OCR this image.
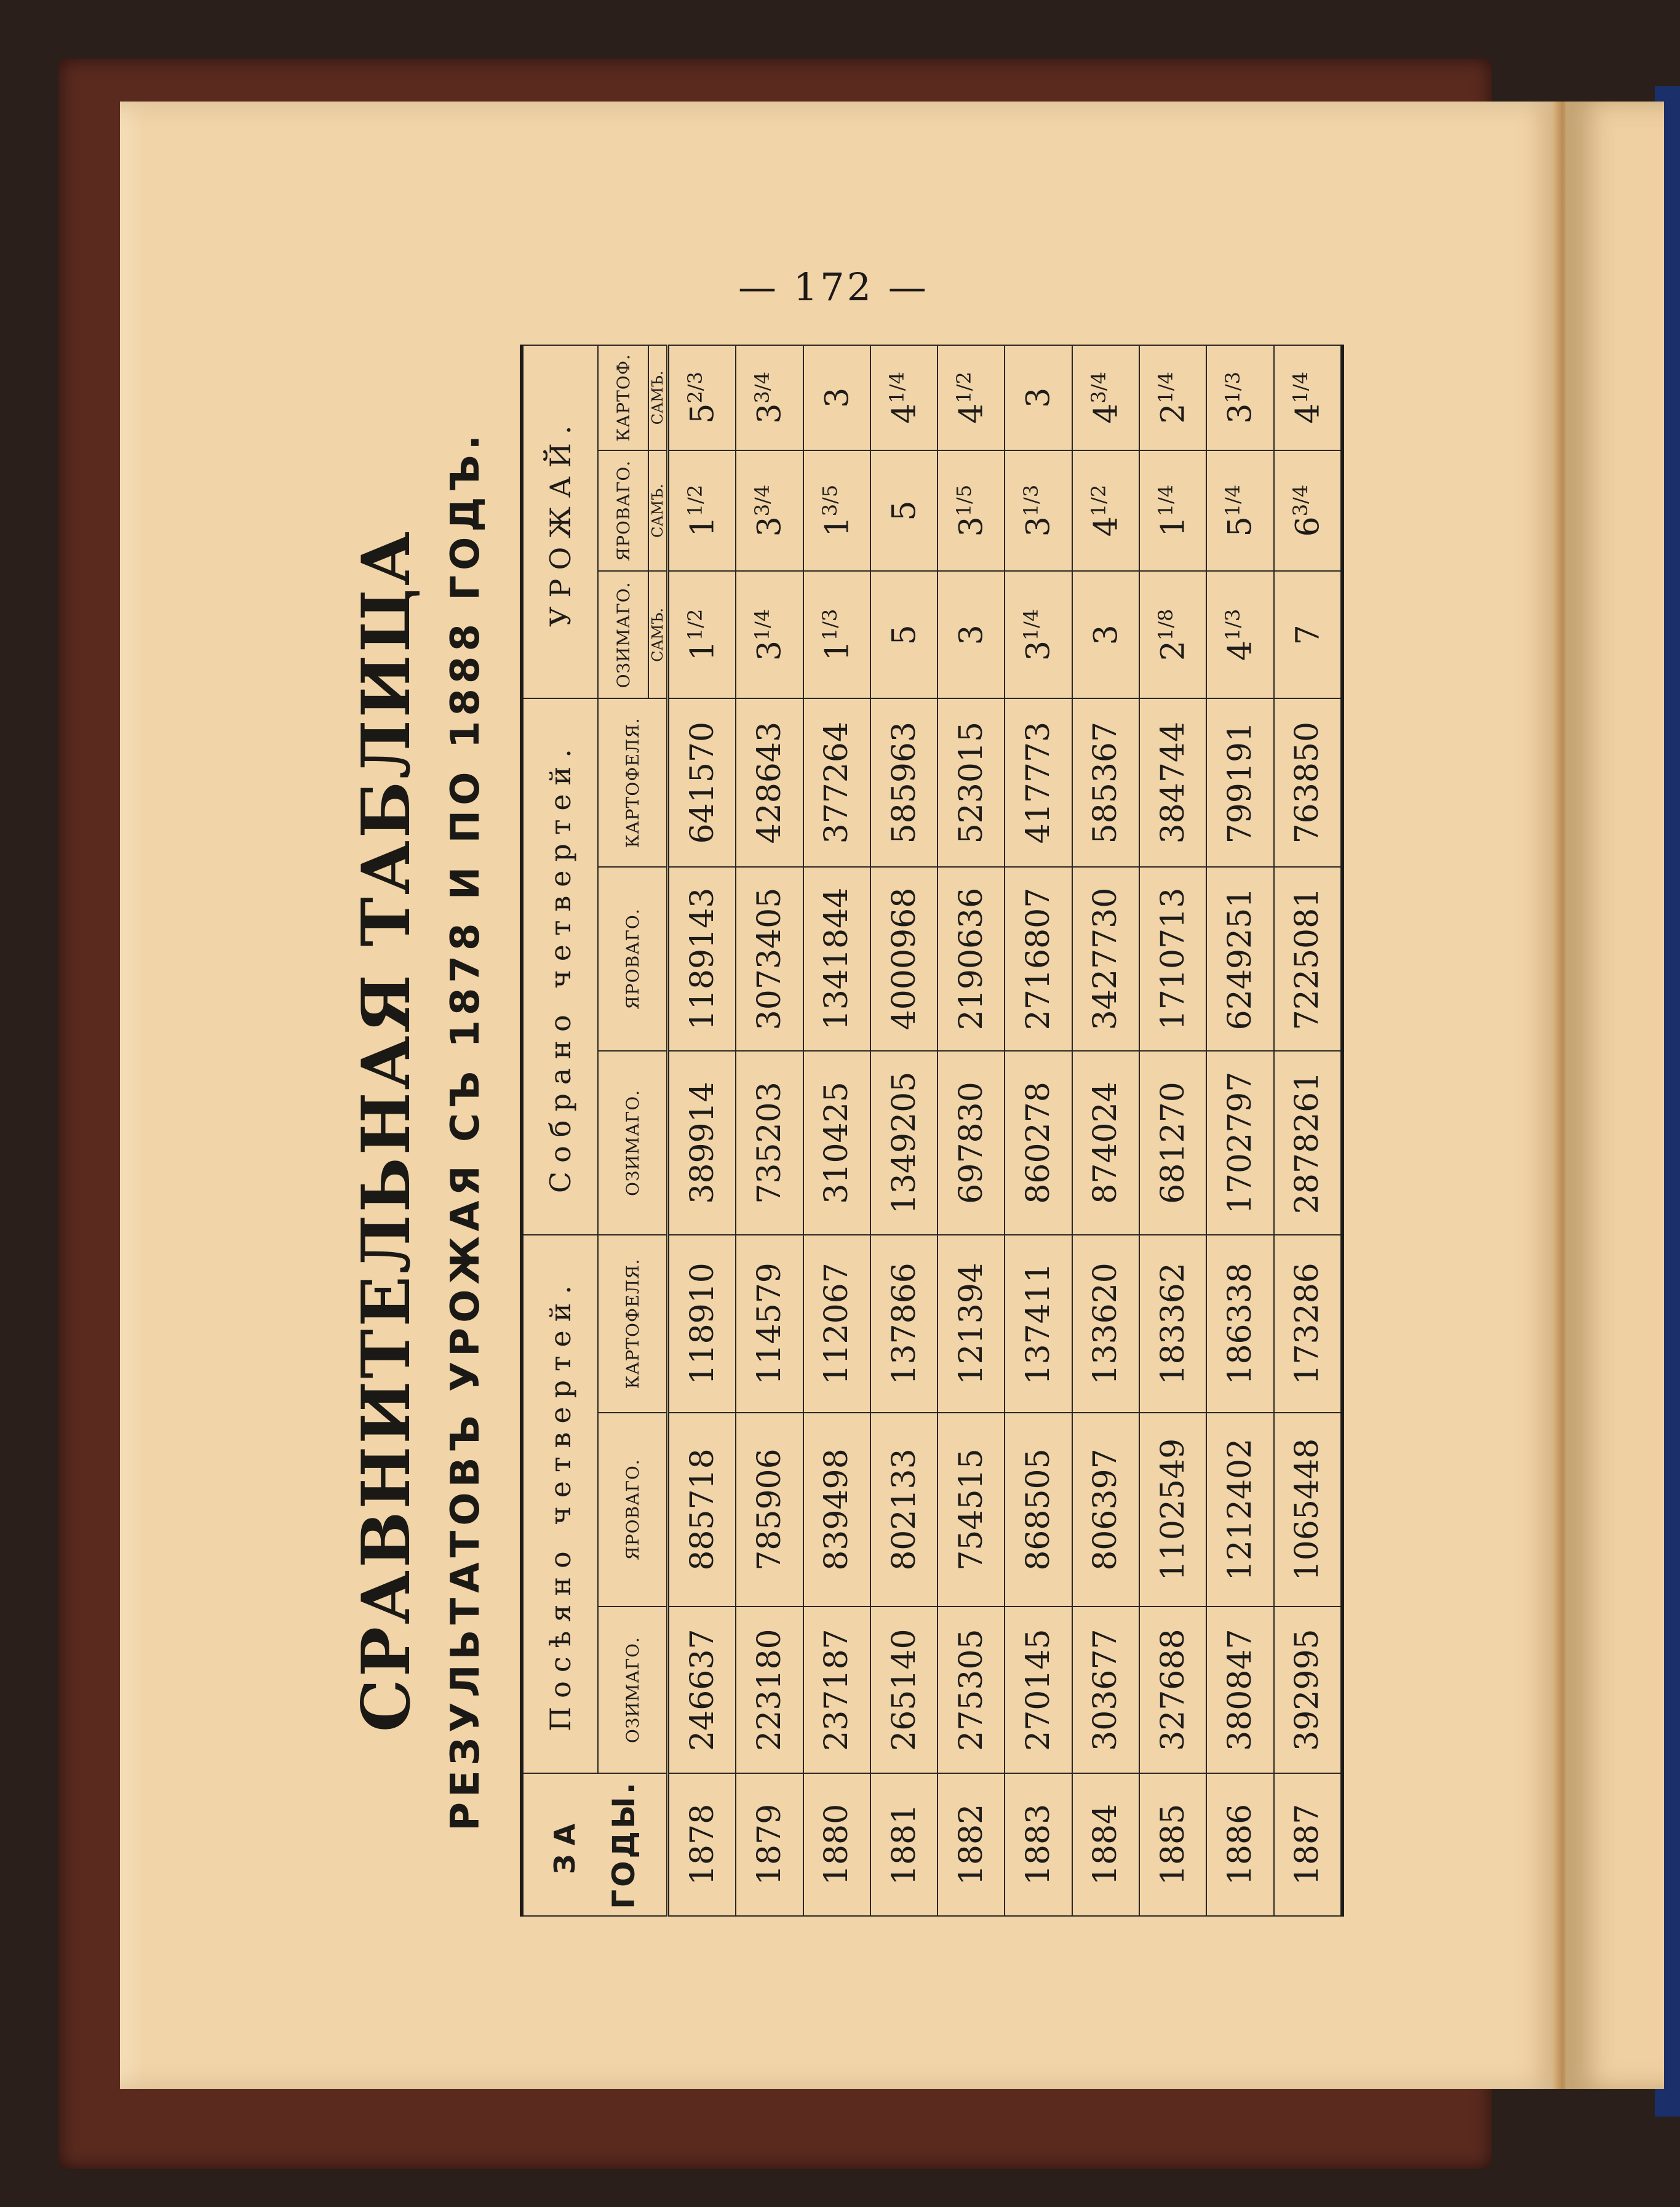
— 172 —
СРАВНИТЕЛЬНАЯ ТАБЛИЦА РЕЗУЛЬТАТОВЪ УРОЖАЯ СЪ 1878 И ПО 1888 ГОДЪ.
ЗА ГОДЫ.	Посѣяно четвертей.			Собрано четвертей.			УРОЖАЙ.		
	ОЗИМАГО.	ЯРОВАГО.	КАРТОФЕЛЯ.	ОЗИМАГО.	ЯРОВАГО.	КАРТОФЕЛЯ.	ОЗИМАГО.	ЯРОВАГО.	КАРТОФ.
							САМЪ.	САМЪ.	САМЪ.
1878	246637	885718	118910	389914	1189143	641570	$1^{1/2}$	$1^{1/2}$	$5^{2/3}$
1879	223180	785906	114579	735203	3073405	428643	$3^{1/4}$	$3^{3/4}$	$3^{3/4}$
1880	237187	839498	112067	310425	1341844	377264	$1^{1/3}$	$1^{3/5}$	3
1881	265140	802133	137866	1349205	4000968	585963	5	5	$4^{1/4}$
1882	275305	754515	121394	697830	2190636	523015	3	$3^{1/5}$	$4^{1/2}$
1883	270145	868505	137411	860278	2716807	417773	$3^{1/4}$	$3^{1/3}$	3
1884	303677	806397	133620	874024	3427730	585367	3	$4^{1/2}$	$4^{3/4}$
1885	327688	1102549	183362	681270	1710713	384744	$2^{1/8}$	$1^{1/4}$	$2^{1/4}$
1886	380847	1212402	186338	1702797	6249251	799191	$4^{1/3}$	$5^{1/4}$	$3^{1/3}$
1887	392995	1065448	173286	2878261	7225081	763850	7	$6^{3/4}$	$4^{1/4}$
